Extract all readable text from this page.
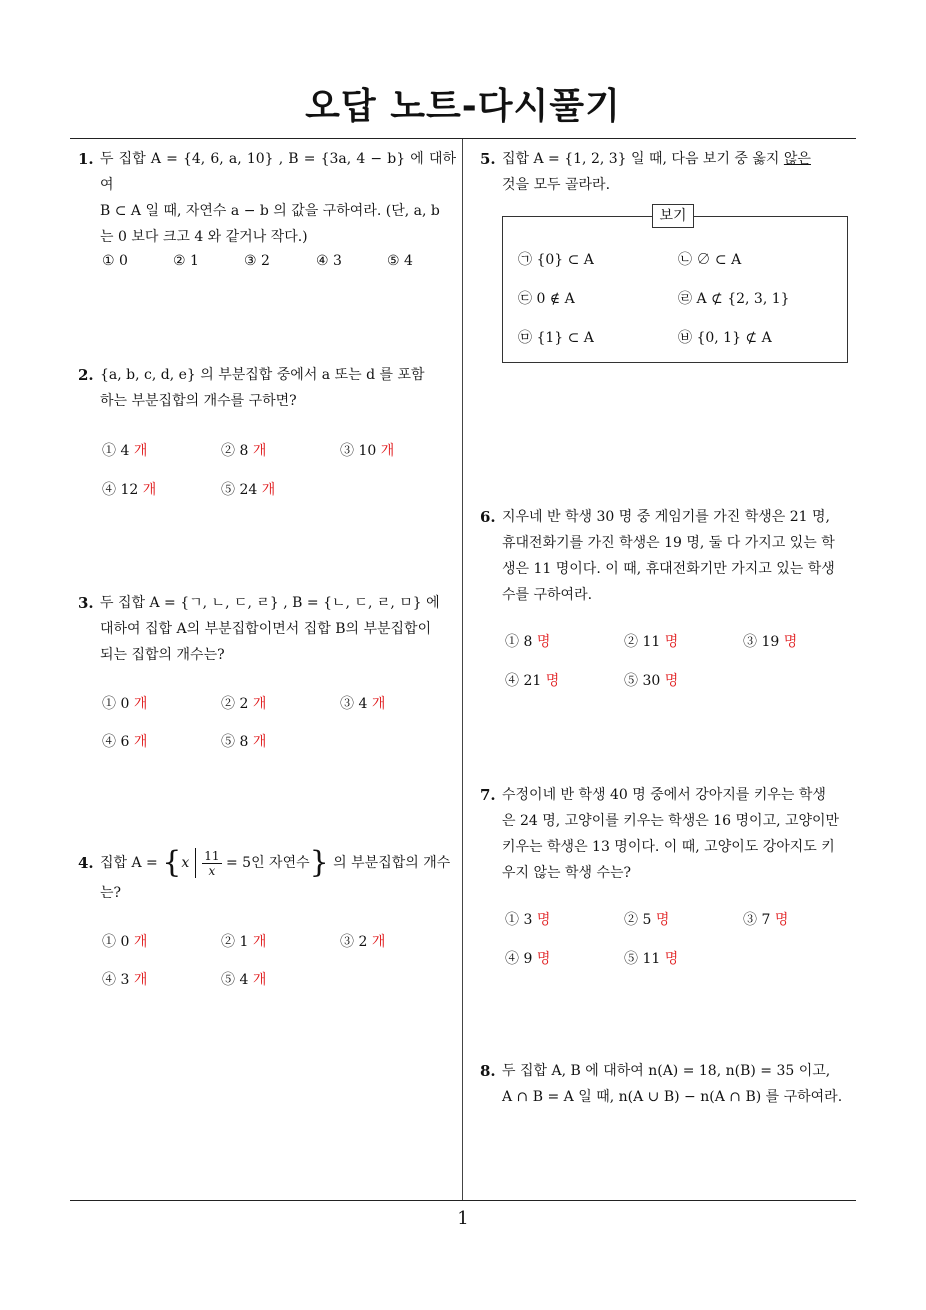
오답 노트-다시풀기
1
1. 두 집합 A = {4, 6, a, 10} , B = {3a, 4 − b} 에 대하여
B ⊂ A 일 때, 자연수 a − b 의 값을 구하여라. (단, a, b
는 0 보다 크고 4 와 같거나 작다.)
① 0	② 1	③ 2	④ 3	⑤ 4
2. {a, b, c, d, e} 의 부분집합 중에서 a 또는 d 를 포함
하는 부분집합의 개수를 구하면?
① 4 개	② 8 개	③ 10 개
④ 12 개	⑤ 24 개
3. 두 집합 A = {ㄱ, ㄴ, ㄷ, ㄹ} , B = {ㄴ, ㄷ, ㄹ, ㅁ} 에
대하여 집합 A의 부분집합이면서 집합 B의 부분집합이
되는 집합의 개수는?
① 0 개	② 2 개	③ 4 개
④ 6 개	⑤ 8 개
4. 집합 $A = \{x \frac{11}{x} = 5$인 자연수} 의 부분집합의 개수
는?
① 0 개	② 1 개	③ 2 개
④ 3 개	⑤ 4 개
5. 집합 A = {1, 2, 3} 일 때, 다음 보기 중 옳지 않은
것을 모두 골라라.
보기
㉠ {0} ⊂ A	㉡ ∅ ⊂ A
㉢ 0 ∉ A	㉣ A ⊄ {2, 3, 1}
㉤ {1} ⊂ A	㉥ {0, 1} ⊄ A
6. 지우네 반 학생 30 명 중 게임기를 가진 학생은 21 명,
휴대전화기를 가진 학생은 19 명, 둘 다 가지고 있는 학
생은 11 명이다. 이 때, 휴대전화기만 가지고 있는 학생
수를 구하여라.
① 8 명	② 11 명	③ 19 명
④ 21 명	⑤ 30 명
7. 수정이네 반 학생 40 명 중에서 강아지를 키우는 학생
은 24 명, 고양이를 키우는 학생은 16 명이고, 고양이만
키우는 학생은 13 명이다. 이 때, 고양이도 강아지도 키
우지 않는 학생 수는?
① 3 명	② 5 명	③ 7 명
④ 9 명	⑤ 11 명
8. 두 집합 A, B 에 대하여 n(A) = 18, n(B) = 35 이고,
A ∩ B = A 일 때, n(A ∪ B) − n(A ∩ B) 를 구하여라.
